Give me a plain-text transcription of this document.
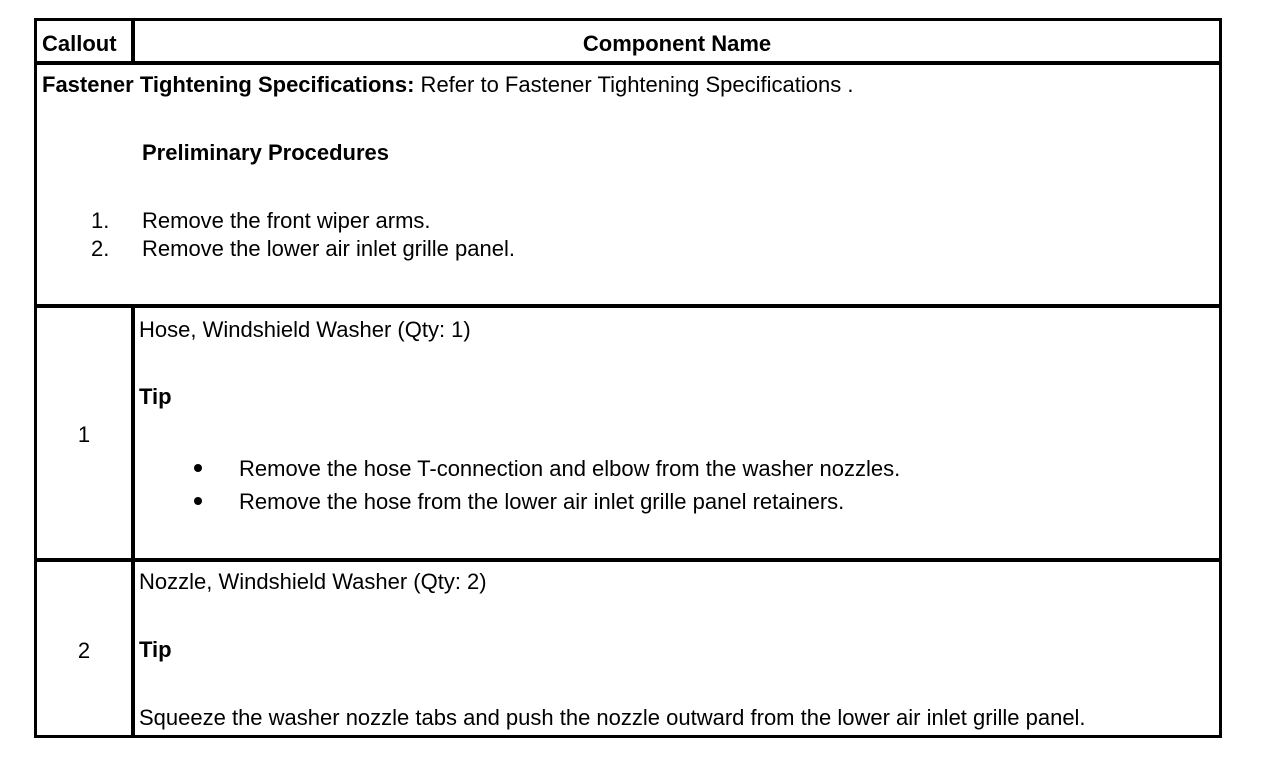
Callout	Component Name
Fastener Tightening Specifications: Refer to Fastener Tightening Specifications .
Preliminary Procedures
1. Remove the front wiper arms.
2. Remove the lower air inlet grille panel.
1
Hose, Windshield Washer (Qty: 1)
Tip
Remove the hose T-connection and elbow from the washer nozzles.
Remove the hose from the lower air inlet grille panel retainers.
2
Nozzle, Windshield Washer (Qty: 2)
Tip
Squeeze the washer nozzle tabs and push the nozzle outward from the lower air inlet grille panel.
